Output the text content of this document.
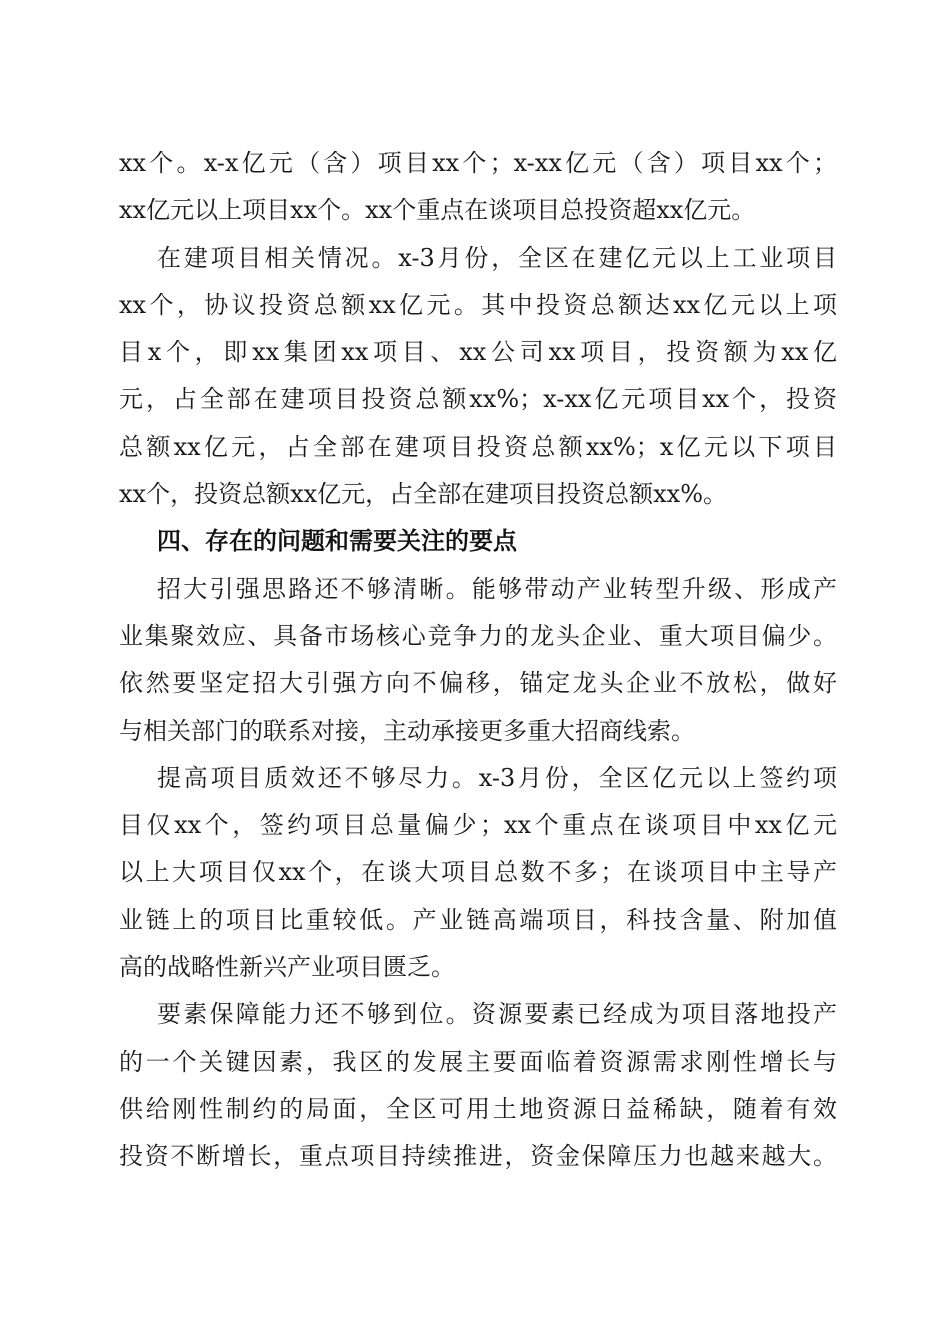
xx个。x-x亿元（含）项目xx个；x-xx亿元（含）项目xx个；
xx亿元以上项目xx个。xx个重点在谈项目总投资超xx亿元。
在建项目相关情况。x-3月份，全区在建亿元以上工业项目
xx个，协议投资总额xx亿元。其中投资总额达xx亿元以上项
目x个，即xx集团xx项目、xx公司xx项目，投资额为xx亿
元，占全部在建项目投资总额xx%；x-xx亿元项目xx个，投资
总额xx亿元，占全部在建项目投资总额xx%；x亿元以下项目
xx个，投资总额xx亿元，占全部在建项目投资总额xx%。
四、存在的问题和需要关注的要点
招大引强思路还不够清晰。能够带动产业转型升级、形成产
业集聚效应、具备市场核心竞争力的龙头企业、重大项目偏少。
依然要坚定招大引强方向不偏移，锚定龙头企业不放松，做好
与相关部门的联系对接，主动承接更多重大招商线索。
提高项目质效还不够尽力。x-3月份，全区亿元以上签约项
目仅xx个，签约项目总量偏少；xx个重点在谈项目中xx亿元
以上大项目仅xx个，在谈大项目总数不多；在谈项目中主导产
业链上的项目比重较低。产业链高端项目，科技含量、附加值
高的战略性新兴产业项目匮乏。
要素保障能力还不够到位。资源要素已经成为项目落地投产
的一个关键因素，我区的发展主要面临着资源需求刚性增长与
供给刚性制约的局面，全区可用土地资源日益稀缺，随着有效
投资不断增长，重点项目持续推进，资金保障压力也越来越大。
